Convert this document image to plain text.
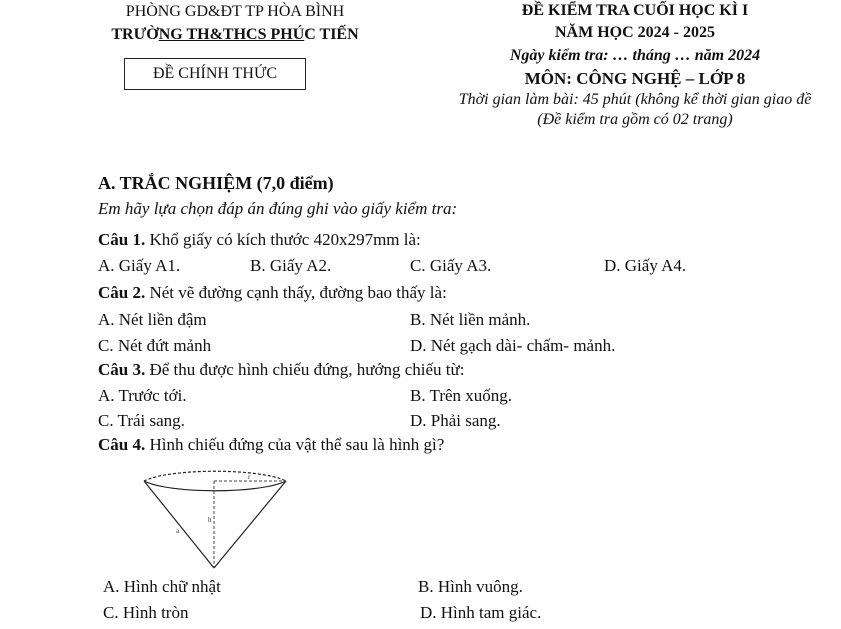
PHÒNG GD&ĐT TP HÒA BÌNH
TRƯỜNG TH&THCS PHÚC TIẾN
ĐỀ CHÍNH THỨC
ĐỀ KIỂM TRA CUỐI HỌC KÌ I
NĂM HỌC 2024 - 2025
Ngày kiểm tra: … tháng … năm 2024
MÔN: CÔNG NGHỆ – LỚP 8
Thời gian làm bài: 45 phút (không kể thời gian giao đề
(Đề kiểm tra gồm có 02 trang)
A. TRẮC NGHIỆM (7,0 điểm)
Em hãy lựa chọn đáp án đúng ghi vào giấy kiểm tra:
Câu 1. Khổ giấy có kích thước 420x297mm là:
A. Giấy A1.	B. Giấy A2.	C. Giấy A3.	D. Giấy A4.
Câu 2. Nét vẽ đường cạnh thấy, đường bao thấy là:
A. Nét liền đậm	B. Nét liền mảnh.
C. Nét đứt mảnh	D. Nét gạch dài- chấm- mảnh.
Câu 3. Để thu được hình chiếu đứng, hướng chiếu từ:
A. Trước tới.	B. Trên xuống.
C. Trái sang.	D. Phải sang.
Câu 4. Hình chiếu đứng của vật thể sau là hình gì?
r
h
a
A. Hình chữ nhật	B. Hình vuông.
C. Hình tròn	D. Hình tam giác.
